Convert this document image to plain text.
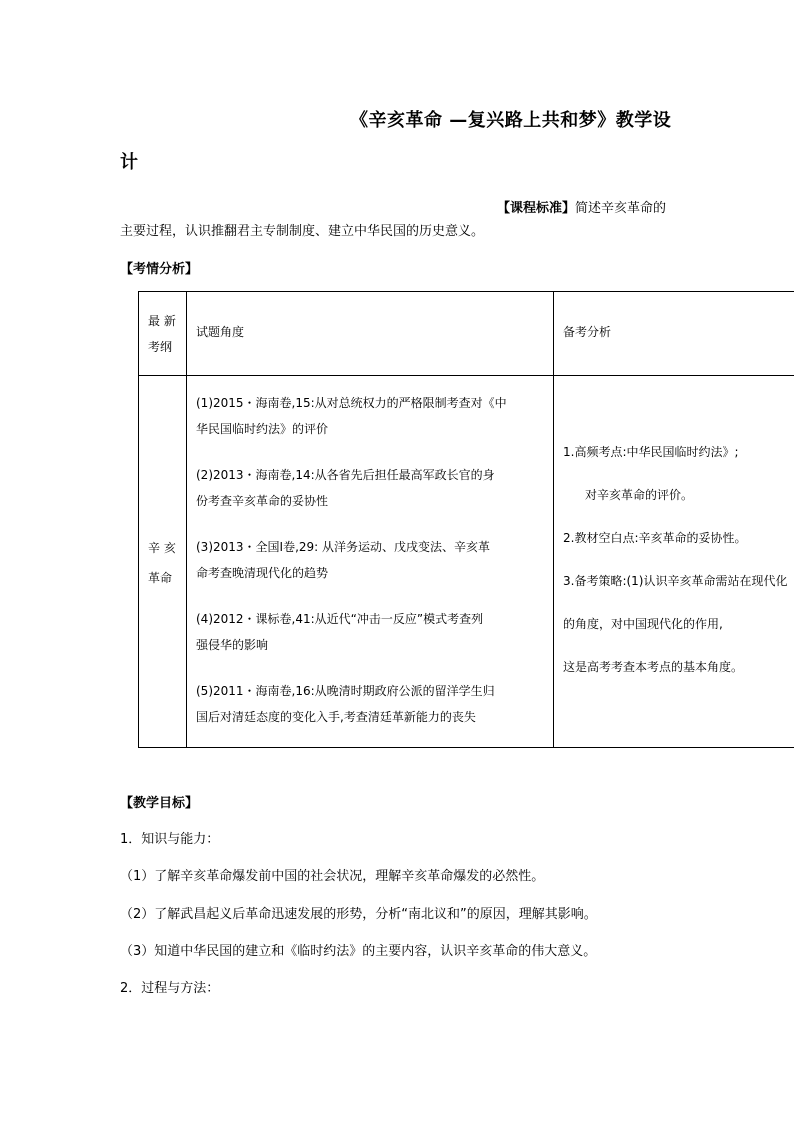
《辛亥革命 —复兴路上共和梦》教学设
计
【课程标准】简述辛亥革命的
主要过程，认识推翻君主专制制度、建立中华民国的历史意义。
【考情分析】

最 新

考纲

试题角度	备考分析

辛 亥

革命

(1)2015・海南卷,15:从对总统权力的严格限制考查对《中

华民国临时约法》的评价

(2)2013・海南卷,14:从各省先后担任最高军政长官的身

份考查辛亥革命的妥协性

(3)2013・全国Ⅰ卷,29: 从洋务运动、戊戌变法、辛亥革

命考查晚清现代化的趋势

(4)2012・课标卷,41:从近代“冲击一反应”模式考查列

强侵华的影响

(5)2011・海南卷,16:从晚清时期政府公派的留洋学生归

国后对清廷态度的变化入手,考查清廷革新能力的丧失

1.高频考点:中华民国临时约法》;

对辛亥革命的评价。

2.教材空白点:辛亥革命的妥协性。

3.备考策略:(1)认识辛亥革命需站在现代化

的角度，对中国现代化的作用,

这是高考考查本考点的基本角度。

【教学目标】
1．知识与能力：
（1）了解辛亥革命爆发前中国的社会状况，理解辛亥革命爆发的必然性。
（2）了解武昌起义后革命迅速发展的形势，分析“南北议和”的原因，理解其影响。
（3）知道中华民国的建立和《临时约法》的主要内容，认识辛亥革命的伟大意义。
2．过程与方法：
